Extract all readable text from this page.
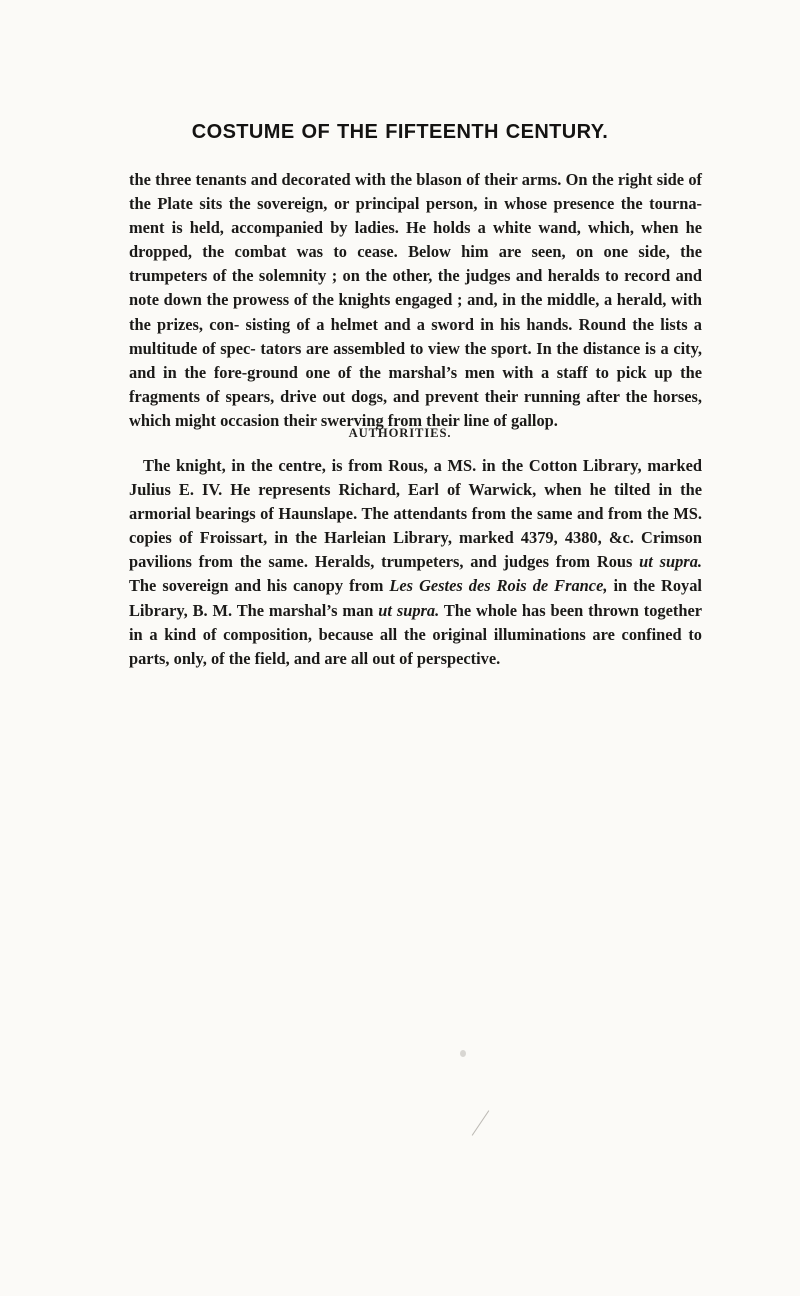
COSTUME OF THE FIFTEENTH CENTURY.

the three tenants and decorated with the blason of their arms. On the right side of the Plate sits the sovereign, or principal person, in whose presence the tourna- ment is held, accompanied by ladies. He holds a white wand, which, when he dropped, the combat was to cease. Below him are seen, on one side, the trumpeters of the solemnity ; on the other, the judges and heralds to record and note down the prowess of the knights engaged ; and, in the middle, a herald, with the prizes, con- sisting of a helmet and a sword in his hands. Round the lists a multitude of spec- tators are assembled to view the sport. In the distance is a city, and in the fore-ground one of the marshal’s men with a staff to pick up the fragments of spears, drive out dogs, and prevent their running after the horses, which might occasion their swerving from their line of gallop.

AUTHORITIES.

The knight, in the centre, is from Rous, a MS. in the Cotton Library, marked Julius E. IV. He represents Richard, Earl of Warwick, when he tilted in the armorial bearings of Haunslape. The attendants from the same and from the MS. copies of Froissart, in the Harleian Library, marked 4379, 4380, &c. Crimson pavilions from the same. Heralds, trumpeters, and judges from Rous ut supra. The sovereign and his canopy from Les Gestes des Rois de France, in the Royal Library, B. M. The marshal’s man ut supra. The whole has been thrown together in a kind of composition, because all the original illuminations are confined to parts, only, of the field, and are all out of perspective.
